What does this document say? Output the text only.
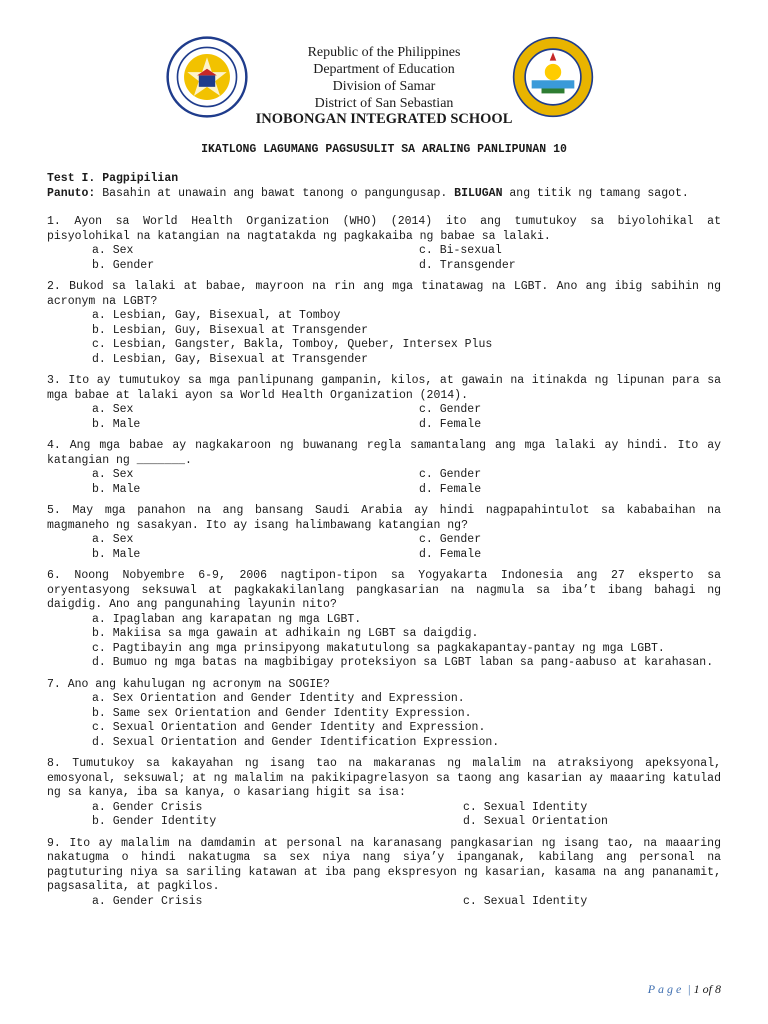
Republic of the Philippines
Department of Education
Division of Samar
District of San Sebastian
INOBONGAN INTEGRATED SCHOOL
IKATLONG LAGUMANG PAGSUSULIT SA ARALING PANLIPUNAN 10
Test I. Pagpipilian
Panuto: Basahin at unawain ang bawat tanong o pangungusap. BILUGAN ang titik ng tamang sagot.
1. Ayon sa World Health Organization (WHO) (2014) ito ang tumutukoy sa biyolohikal at pisyolohikal na katangian na nagtatakda ng pagkakaiba ng babae sa lalaki.
a. Sex	c. Bi-sexual
b. Gender	d. Transgender
2. Bukod sa lalaki at babae, mayroon na rin ang mga tinatawag na LGBT. Ano ang ibig sabihin ng acronym na LGBT?
a. Lesbian, Gay, Bisexual, at Tomboy
b. Lesbian, Guy, Bisexual at Transgender
c. Lesbian, Gangster, Bakla, Tomboy, Queber, Intersex Plus
d. Lesbian, Gay, Bisexual at Transgender
3. Ito ay tumutukoy sa mga panlipunang gampanin, kilos, at gawain na itinakda ng lipunan para sa mga babae at lalaki ayon sa World Health Organization (2014).
a. Sex	c. Gender
b. Male	d. Female
4. Ang mga babae ay nagkakaroon ng buwanang regla samantalang ang mga lalaki ay hindi. Ito ay katangian ng _______.
a. Sex	c. Gender
b. Male	d. Female
5. May mga panahon na ang bansang Saudi Arabia ay hindi nagpapahintulot sa kababaihan na magmaneho ng sasakyan. Ito ay isang halimbawang katangian ng?
a. Sex	c. Gender
b. Male	d. Female
6. Noong Nobyembre 6-9, 2006 nagtipon-tipon sa Yogyakarta Indonesia ang 27 eksperto sa oryentasyong seksuwal at pagkakakilanlang pangkasarian na nagmula sa iba’t ibang bahagi ng daigdig. Ano ang pangunahing layunin nito?
a. Ipaglaban ang karapatan ng mga LGBT.
b. Makiisa sa mga gawain at adhikain ng LGBT sa daigdig.
c. Pagtibayin ang mga prinsipyong makatutulong sa pagkakapantay-pantay ng mga LGBT.
d. Bumuo ng mga batas na magbibigay proteksiyon sa LGBT laban sa pang-aabuso at karahasan.
7. Ano ang kahulugan ng acronym na SOGIE?
a. Sex Orientation and Gender Identity and Expression.
b. Same sex Orientation and Gender Identity Expression.
c. Sexual Orientation and Gender Identity and Expression.
d. Sexual Orientation and Gender Identification Expression.
8. Tumutukoy sa kakayahan ng isang tao na makaranas ng malalim na atraksiyong apeksyonal, emosyonal, seksuwal; at ng malalim na pakikipagrelasyon sa taong ang kasarian ay maaaring katulad ng sa kanya, iba sa kanya, o kasariang higit sa isa:
a. Gender Crisis	c. Sexual Identity
b. Gender Identity	d. Sexual Orientation
9. Ito ay malalim na damdamin at personal na karanasang pangkasarian ng isang tao, na maaaring nakatugma o hindi nakatugma sa sex niya nang siya’y ipanganak, kabilang ang personal na pagtuturing niya sa sariling katawan at iba pang ekspresyon ng kasarian, kasama na ang pananamit, pagsasalita, at pagkilos.
a. Gender Crisis	c. Sexual Identity
Page | 1 of 8
